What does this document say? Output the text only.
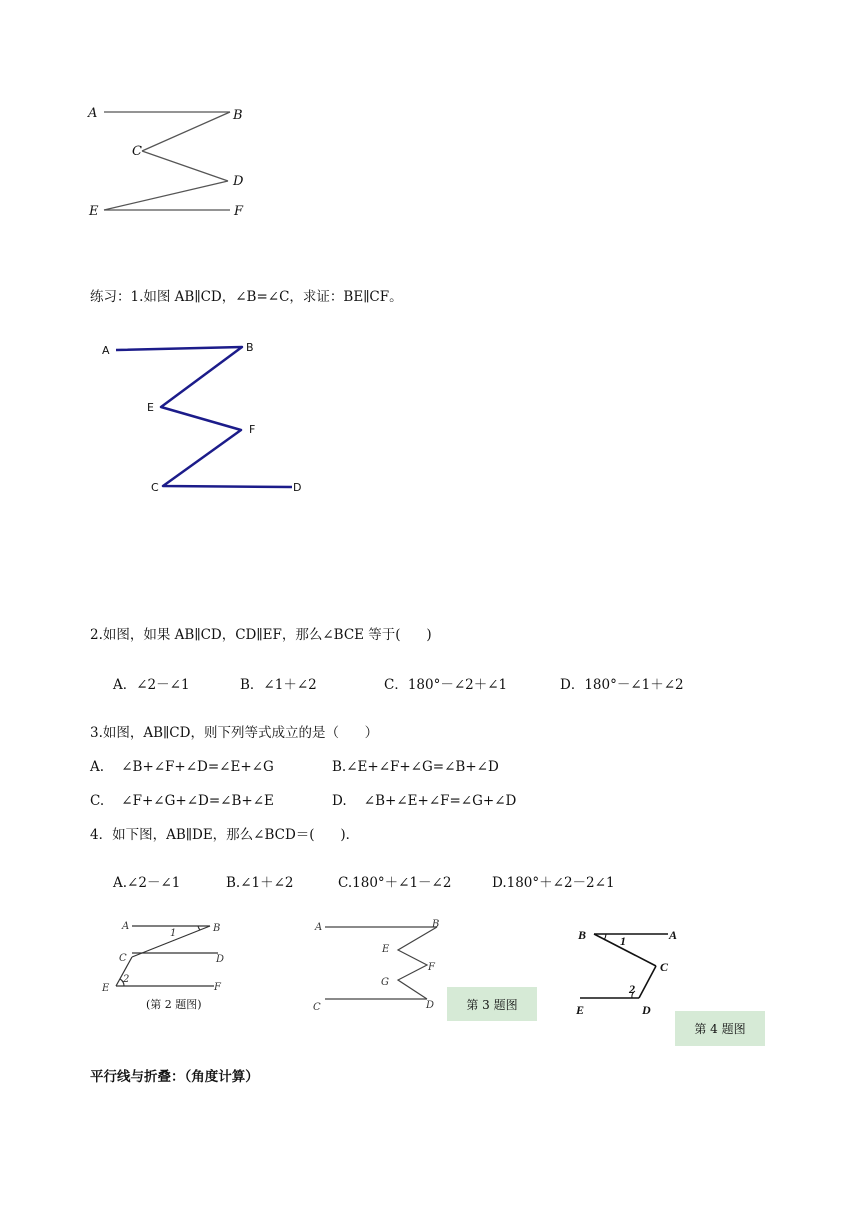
A	B
C
D
E	F
练习：1.如图 AB∥CD，∠B=∠C，求证：BE∥CF。
A	B
E
F
C	D
2.如图，如果 AB∥CD，CD∥EF，那么∠BCE 等于(      )
A．∠2－∠1	B．∠1＋∠2	C．180°－∠2＋∠1	D．180°－∠1＋∠2
3.如图，AB∥CD，则下列等式成立的是（      ）
A.    ∠B+∠F+∠D=∠E+∠G	B.∠E+∠F+∠G=∠B+∠D
C.    ∠F+∠G+∠D=∠B+∠E	D.    ∠B+∠E+∠F=∠G+∠D
4．如下图，AB∥DE，那么∠BCD＝(      )．
A.∠2－∠1	B.∠1＋∠2	C.180°＋∠1－∠2	D.180°＋∠2－2∠1
A	B
1
C	D
2
E	F
(第 2 题图)
A	B
E
F
G
C	D	第 3 题图
B	A
1
C
2
E	D
第 4 题图
平行线与折叠：（角度计算）
